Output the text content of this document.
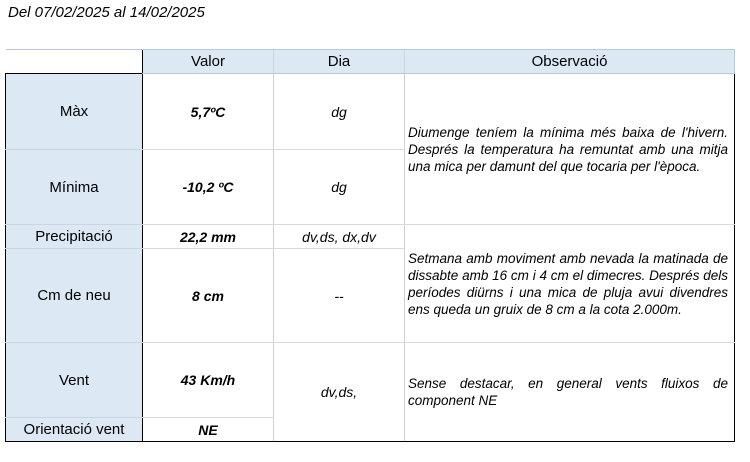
Del 07/02/2025 al 14/02/2025
	Valor	Dia	Observació
Màx	5,7ºC	dg	Diumenge teníem la mínima més baixa de l'hivern. Després la temperatura ha remuntat amb una mitja una mica per damunt del que tocaria per l'època.
Mínima	-10,2 ºC	dg	
Precipitació	22,2 mm	dv,ds, dx,dv	Setmana amb moviment amb nevada la matinada de dissabte amb 16 cm i 4 cm el dimecres. Després dels períodes diürns i una mica de pluja avui divendres ens queda un gruix de 8 cm a la cota 2.000m.
Cm de neu	8 cm	--	
Vent	43 Km/h	dv,ds,	Sense destacar, en general vents fluixos de component NE
Orientació vent	NE		
